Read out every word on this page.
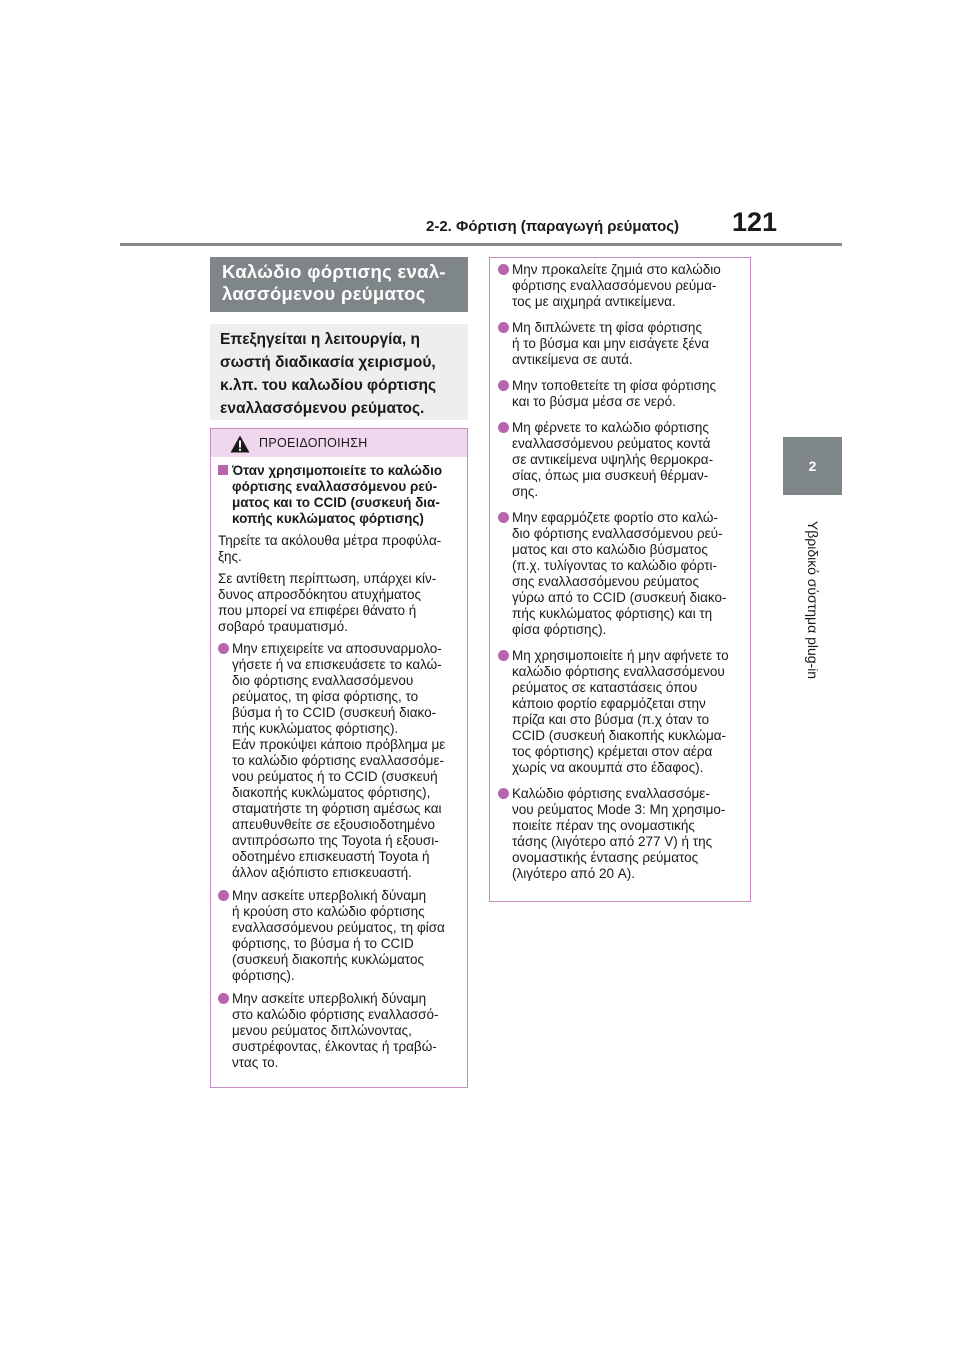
2-2. Φόρτιση (παραγωγή ρεύματος) 121
2
Υβριδικό σύστημα plug-in
Καλώδιο φόρτισης εναλ-
λασσόμενου ρεύματος
Επεξηγείται η λειτουργία, η
σωστή διαδικασία χειρισμού,
κ.λπ. του καλωδίου φόρτισης
εναλλασσόμενου ρεύματος.
ΠΡΟΕΙΔΟΠΟΙΗΣΗ
Όταν χρησιμοποιείτε το καλώδιο
φόρτισης εναλλασσόμενου ρεύ-
ματος και το CCID (συσκευή δια-
κοπής κυκλώματος φόρτισης)
Τηρείτε τα ακόλουθα μέτρα προφύλα-
ξης.
Σε αντίθετη περίπτωση, υπάρχει κίν-
δυνος απροσδόκητου ατυχήματος
που μπορεί να επιφέρει θάνατο ή
σοβαρό τραυματισμό.
Μην επιχειρείτε να αποσυναρμολο-
γήσετε ή να επισκευάσετε το καλώ-
διο φόρτισης εναλλασσόμενου
ρεύματος, τη φίσα φόρτισης, το
βύσμα ή το CCID (συσκευή διακο-
πής κυκλώματος φόρτισης).
Εάν προκύψει κάποιο πρόβλημα με
το καλώδιο φόρτισης εναλλασσόμε-
νου ρεύματος ή το CCID (συσκευή
διακοπής κυκλώματος φόρτισης),
σταματήστε τη φόρτιση αμέσως και
απευθυνθείτε σε εξουσιοδοτημένο
αντιπρόσωπο της Toyota ή εξουσι-
οδοτημένο επισκευαστή Toyota ή
άλλον αξιόπιστο επισκευαστή.
Μην ασκείτε υπερβολική δύναμη
ή κρούση στο καλώδιο φόρτισης
εναλλασσόμενου ρεύματος, τη φίσα
φόρτισης, το βύσμα ή το CCID
(συσκευή διακοπής κυκλώματος
φόρτισης).
Μην ασκείτε υπερβολική δύναμη
στο καλώδιο φόρτισης εναλλασσό-
μενου ρεύματος διπλώνοντας,
συστρέφοντας, έλκοντας ή τραβώ-
ντας το.
Μην προκαλείτε ζημιά στο καλώδιο
φόρτισης εναλλασσόμενου ρεύμα-
τος με αιχμηρά αντικείμενα.
Μη διπλώνετε τη φίσα φόρτισης
ή το βύσμα και μην εισάγετε ξένα
αντικείμενα σε αυτά.
Μην τοποθετείτε τη φίσα φόρτισης
και το βύσμα μέσα σε νερό.
Μη φέρνετε το καλώδιο φόρτισης
εναλλασσόμενου ρεύματος κοντά
σε αντικείμενα υψηλής θερμοκρα-
σίας, όπως μια συσκευή θέρμαν-
σης.
Μην εφαρμόζετε φορτίο στο καλώ-
διο φόρτισης εναλλασσόμενου ρεύ-
ματος και στο καλώδιο βύσματος
(π.χ. τυλίγοντας το καλώδιο φόρτι-
σης εναλλασσόμενου ρεύματος
γύρω από το CCID (συσκευή διακο-
πής κυκλώματος φόρτισης) και τη
φίσα φόρτισης).
Μη χρησιμοποιείτε ή μην αφήνετε το
καλώδιο φόρτισης εναλλασσόμενου
ρεύματος σε καταστάσεις όπου
κάποιο φορτίο εφαρμόζεται στην
πρίζα και στο βύσμα (π.χ όταν το
CCID (συσκευή διακοπής κυκλώμα-
τος φόρτισης) κρέμεται στον αέρα
χωρίς να ακουμπά στο έδαφος).
Καλώδιο φόρτισης εναλλασσόμε-
νου ρεύματος Mode 3: Μη χρησιμο-
ποιείτε πέραν της ονομαστικής
τάσης (λιγότερο από 277 V) ή της
ονομαστικής έντασης ρεύματος
(λιγότερο από 20 A).
